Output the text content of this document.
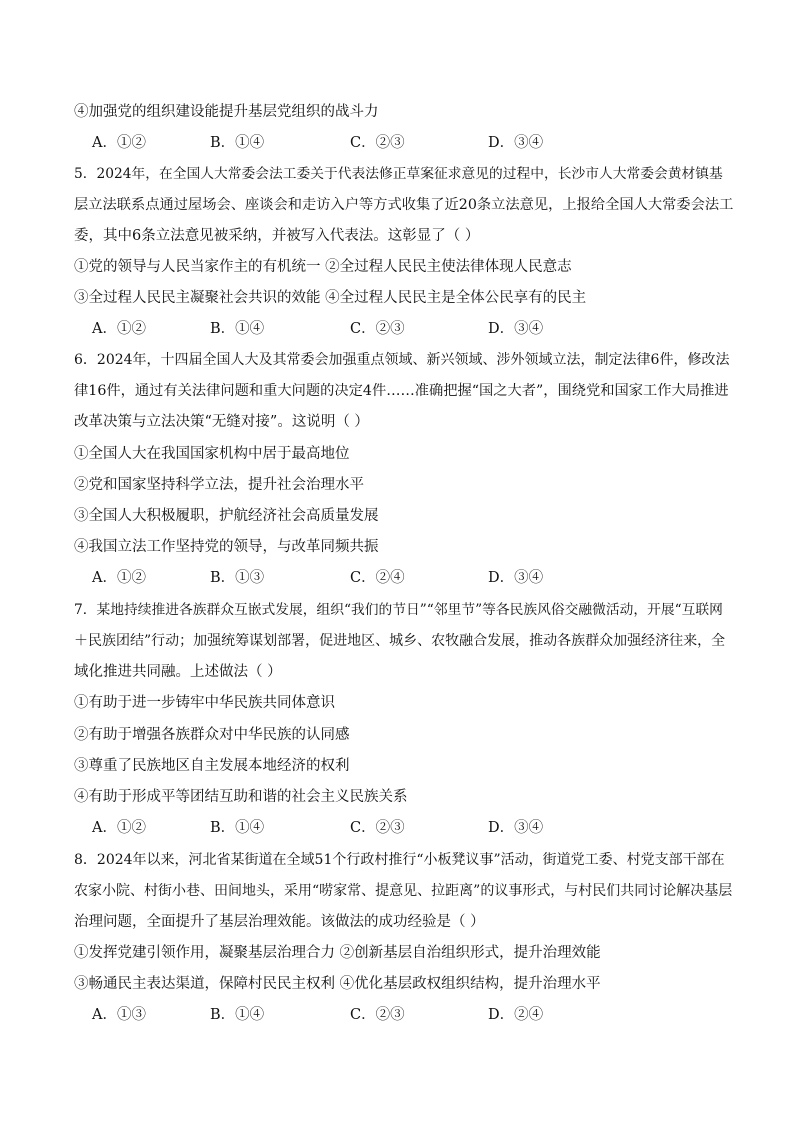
④加强党的组织建设能提升基层党组织的战斗力
A．①②	B．①④	C．②③	D．③④
5．2024年，在全国人大常委会法工委关于代表法修正草案征求意见的过程中，长沙市人大常委会黄材镇基
层立法联系点通过屋场会、座谈会和走访入户等方式收集了近20条立法意见，上报给全国人大常委会法工
委，其中6条立法意见被采纳，并被写入代表法。这彰显了（ ）
①党的领导与人民当家作主的有机统一 ②全过程人民民主使法律体现人民意志
③全过程人民民主凝聚社会共识的效能 ④全过程人民民主是全体公民享有的民主
A．①②	B．①④	C．②③	D．③④
6．2024年，十四届全国人大及其常委会加强重点领域、新兴领域、涉外领域立法，制定法律6件，修改法
律16件，通过有关法律问题和重大问题的决定4件……准确把握“国之大者”，围绕党和国家工作大局推进
改革决策与立法决策“无缝对接”。这说明（ ）
①全国人大在我国国家机构中居于最高地位
②党和国家坚持科学立法，提升社会治理水平
③全国人大积极履职，护航经济社会高质量发展
④我国立法工作坚持党的领导，与改革同频共振
A．①②	B．①③	C．②④	D．③④
7．某地持续推进各族群众互嵌式发展，组织“我们的节日”“邻里节”等各民族风俗交融微活动，开展“互联网
＋民族团结”行动；加强统筹谋划部署，促进地区、城乡、农牧融合发展，推动各族群众加强经济往来，全
域化推进共同融。上述做法（ ）
①有助于进一步铸牢中华民族共同体意识
②有助于增强各族群众对中华民族的认同感
③尊重了民族地区自主发展本地经济的权利
④有助于形成平等团结互助和谐的社会主义民族关系
A．①②	B．①④	C．②③	D．③④
8．2024年以来，河北省某街道在全域51个行政村推行“小板凳议事”活动，街道党工委、村党支部干部在
农家小院、村街小巷、田间地头，采用“唠家常、提意见、拉距离”的议事形式，与村民们共同讨论解决基层
治理问题，全面提升了基层治理效能。该做法的成功经验是（ ）
①发挥党建引领作用，凝聚基层治理合力 ②创新基层自治组织形式，提升治理效能
③畅通民主表达渠道，保障村民民主权利 ④优化基层政权组织结构，提升治理水平
A．①③	B．①④	C．②③	D．②④
